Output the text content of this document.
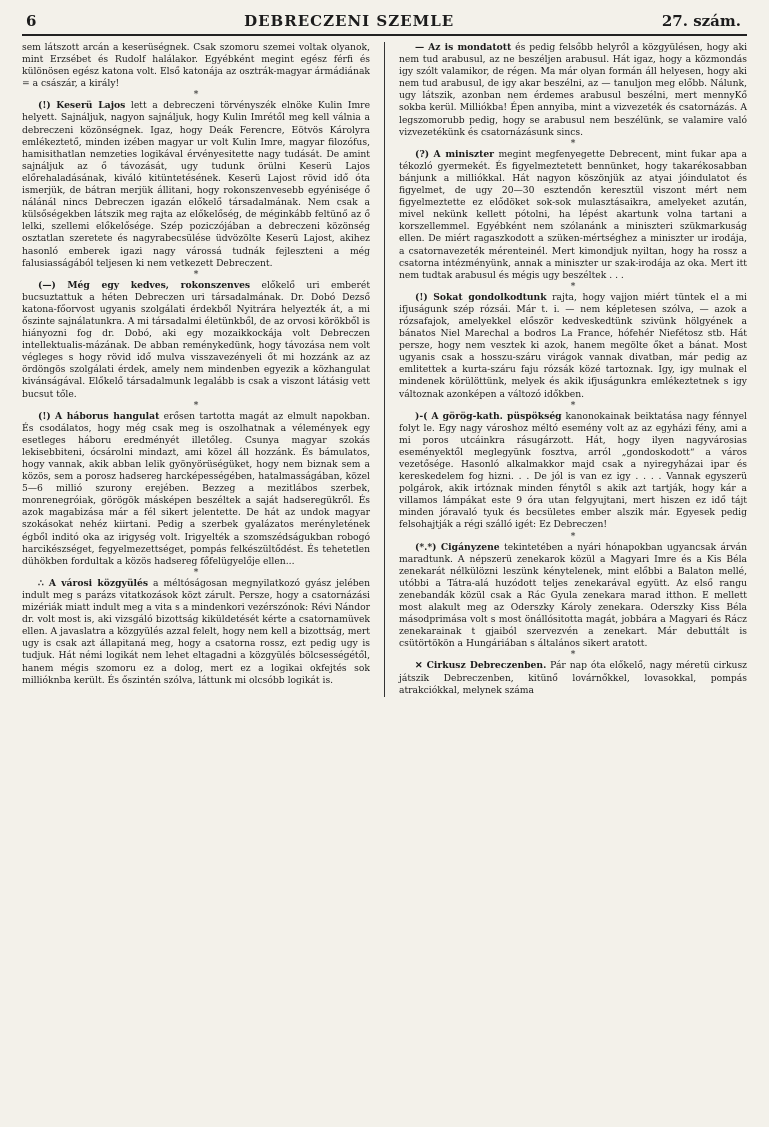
6	DEBRECZENI SZEMLE	27. szám.

sem látszott arcán a keserüségnek. Csak szomoru szemei voltak olyanok, mint Erzsébet és Rudolf halálakor. Egyébként megint egész férfi és különösen egész katona volt. Első katonája az osztrák-magyar ármádiának = a császár, a király!

*

(!) Keserü Lajos lett a debreczeni törvényszék elnöke Kulin Imre helyett. Sajnáljuk, nagyon sajnáljuk, hogy Kulin Imrétől meg kell válnia a debreczeni közönségnek. Igaz, hogy Deák Ferencre, Eötvös Károlyra emlékeztető, minden izében magyar ur volt Kulin Imre, magyar filozófus, hamisithatlan nemzeties logikával érvényesitette nagy tudását. De amint sajnáljuk az ő távozását, ugy tudunk örülni Keserü Lajos előrehaladásának, kiváló kitüntetésének. Keserü Lajost rövid idő óta ismerjük, de bátran merjük állitani, hogy rokonszenvesebb egyénisége ő nálánál nincs Debreczen igazán előkelő társadalmának. Nem csak a külsőségekben látszik meg rajta az előkelőség, de méginkább feltünő az ő lelki, szellemi előkelősége. Szép poziczójában a debreczeni közönség osztatlan szeretete és nagyrabecsülése üdvözölte Keserü Lajost, akihez hasonló emberek igazi nagy várossá tudnák fejleszteni a még falusiasságából teljesen ki nem vetkezett Debreczent.

*

(—) Még egy kedves, rokonszenves előkelő uri emberét bucsuztattuk a héten Debreczen uri társadalmának. Dr. Dobó Dezső katona-főorvost ugyanis szolgálati érdekből Nyitrára helyezték át, a mi őszinte sajnálatunkra. A mi társadalmi életünkből, de az orvosi körökből is hiányozni fog dr. Dobó, aki egy mozaikkockája volt Debreczen intellektualis-mázának. De abban reménykedünk, hogy távozása nem volt végleges s hogy rövid idő mulva visszavezényeli őt mi hozzánk az az ördöngös szolgálati érdek, amely nem mindenben egyezik a közhangulat kivánságával. Előkelő társadalmunk legalább is csak a viszont látásig vett bucsut tőle.

*

(!) A háborus hangulat erősen tartotta magát az elmult napokban. És csodálatos, hogy még csak meg is oszolhatnak a vélemények egy esetleges háboru eredményét illetőleg. Csunya magyar szokás lekisebbiteni, ócsárolni mindazt, ami közel áll hozzánk. És bámulatos, hogy vannak, akik abban lelik gyönyörüségüket, hogy nem biznak sem a közös, sem a porosz hadsereg harcképességében, hatalmasságában, közel 5—6 millió szurony erejében. Bezzeg a mezitlábos szerbek, monrenegróiak, görögök másképen beszéltek a saját hadseregükről. És azok magabizása már a fél sikert jelentette. De hát az undok magyar szokásokat nehéz kiirtani. Pedig a szerbek gyalázatos merényletének égből inditó oka az irigység volt. Irigyelték a szomszédságukban robogó harcikészséget, fegyelmezettséget, pompás felkészültődést. És tehetetlen dühökben fordultak a közös hadsereg főfelügyelője ellen...

*

∴ A városi közgyülés a méltóságosan megnyilatkozó gyász jelében indult meg s parázs vitatkozások közt zárult. Persze, hogy a csatornázási mizériák miatt indult meg a vita s a mindenkori vezérszónok: Révi Nándor dr. volt most is, aki vizsgáló bizottság kiküldetését kérte a csatornamüvek ellen. A javaslatra a közgyülés azzal felelt, hogy nem kell a bizottság, mert ugy is csak azt állapitaná meg, hogy a csatorna rossz, ezt pedig ugy is tudjuk. Hát némi logikát nem lehet eltagadni a közgyülés bölcsességétől, hanem mégis szomoru ez a dolog, mert ez a logikai okfejtés sok millióknba került. És őszintén szólva, láttunk mi olcsóbb logikát is.

— Az is mondatott és pedig felsőbb helyről a közgyülésen, hogy aki nem tud arabusul, az ne beszéljen arabusul. Hát igaz, hogy a közmondás igy szólt valamikor, de régen. Ma már olyan formán áll helyesen, hogy aki nem tud arabusul, de igy akar beszélni, az — tanuljon meg előbb. Nálunk, ugy látszik, azonban nem érdemes arabusul beszélni, mert mennyKő sokba kerül. Milliókba! Épen annyiba, mint a vizvezeték és csatornázás. A legszomorubb pedig, hogy se arabusul nem beszélünk, se valamire való vizvezetékünk és csatornázásunk sincs.

*

(?) A miniszter megint megfenyegette Debrecent, mint fukar apa a tékozló gyermekét. És figyelmeztetett bennünket, hogy takarékosabban bánjunk a milliókkal. Hát nagyon köszönjük az atyai jóindulatot és figyelmet, de ugy 20—30 esztendőn keresztül viszont mért nem figyelmeztette ez elődöket sok-sok mulasztásaikra, amelyeket azután, mivel nekünk kellett pótolni, ha lépést akartunk volna tartani a korszellemmel. Egyébként nem szólanánk a miniszteri szükmarkuság ellen. De miért ragaszkodott a szüken-mértséghez a miniszter ur irodája, a csatornavezeték mérenteinél. Mert kimondjuk nyiltan, hogy ha rossz a csatorna intézményünk, annak a miniszter ur szak-irodája az oka. Mert itt nem tudtak arabusul és mégis ugy beszéltek . . .

*

(!) Sokat gondolkodtunk rajta, hogy vajjon miért tüntek el a mi ifjuságunk szép rózsái. Már t. i. — nem képletesen szólva, — azok a rózsafajok, amelyekkel először kedveskedtünk szivünk hölgyének a bánatos Niel Marechal a bodros La France, hófehér Niefétosz stb. Hát persze, hogy nem vesztek ki azok, hanem megölte őket a bánat. Most ugyanis csak a hosszu-száru virágok vannak divatban, már pedig az emlitettek a kurta-száru faju rózsák közé tartoznak. Igy, igy mulnak el mindenek körülöttünk, melyek és akik ifjuságunkra emlékeztetnek s igy változnak azonképen a változó időkben.

*

)-( A görög-kath. püspökség kanonokainak beiktatása nagy fénnyel folyt le. Egy nagy városhoz méltó esemény volt az az egyházi fény, ami a mi poros utcáinkra rásugárzott. Hát, hogy ilyen nagyvárosias eseményektől meglegyünk fosztva, arról „gondoskodott“ a város vezetősége. Hasonló alkalmakkor majd csak a nyiregyházai ipar és kereskedelem fog hizni. . . De jól is van ez igy . . . . Vannak egyszerü polgárok, akik irtóznak minden fénytől s akik azt tartják, hogy kár a villamos lámpákat este 9 óra utan felgyujtani, mert hiszen ez idő tájt minden jóravaló tyuk és becsületes ember alszik már. Egyesek pedig felsohajtják a régi szálló igét: Ez Debreczen!

*

(*.*) Cigányzene tekintetében a nyári hónapokban ugyancsak árván maradtunk. A népszerü zenekarok közül a Magyari Imre és a Kis Béla zenekarát nélkülözni leszünk kénytelenek, mint előbbi a Balaton mellé, utóbbi a Tátra-alá huzódott teljes zenekarával együtt. Az első rangu zenebandák közül csak a Rác Gyula zenekara marad itthon. E mellett most alakult meg az Oderszky Károly zenekara. Oderszky Kiss Béla másodprimása volt s most önállósitotta magát, jobbára a Magyari és Rácz zenekarainak t gjaiból szervezvén a zenekart. Már debuttált is csütörtökön a Hungáriában s általános sikert aratott.

*

✕ Cirkusz Debreczenben. Pár nap óta előkelő, nagy méretü cirkusz játszik Debreczenben, kitünő lovárnőkkel, lovasokkal, pompás atrakciókkal, melynek száma
